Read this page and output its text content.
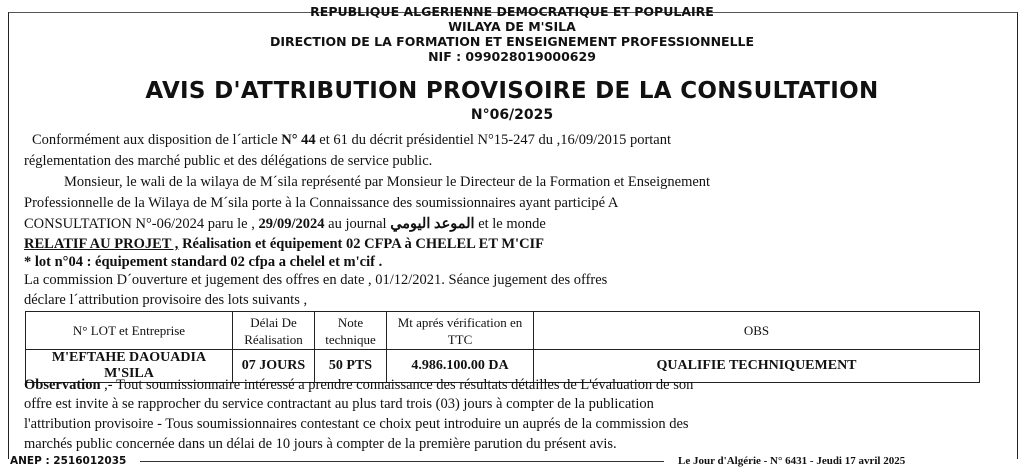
REPUBLIQUE ALGERIENNE DEMOCRATIQUE ET POPULAIRE
WILAYA DE M'SILA
DIRECTION DE LA FORMATION ET ENSEIGNEMENT PROFESSIONNELLE
NIF : 099028019000629
AVIS D'ATTRIBUTION PROVISOIRE DE LA CONSULTATION
N°06/2025
Conformément aux disposition de l´article N° 44 et 61 du décrit présidentiel N°15-247 du ,16/09/2015 portant
réglementation des marché public et des délégations de service public.
Monsieur, le wali de la wilaya de M´sila représenté par Monsieur le Directeur de la Formation et Enseignement
Professionnelle de la Wilaya de M´sila porte à la Connaissance des soumissionnaires ayant participé A
CONSULTATION N°-06/2024 paru le , 29/09/2024 au journal الموعد اليومي et le monde
RELATIF AU PROJET , Réalisation et équipement 02 CFPA à CHELEL ET M'CIF
* lot n°04 : équipement standard 02 cfpa a chelel et m'cif .
La commission D´ouverture et jugement des offres en date , 01/12/2021. Séance jugement des offres
déclare l´attribution provisoire des lots suivants ,
N° LOT et Entreprise	Délai De Réalisation	Note technique	Mt aprés vérification en TTC	OBS
M'EFTAHE DAOUADIA M'SILA	07 JOURS	50 PTS	4.986.100.00 DA	QUALIFIE TECHNIQUEMENT
Observation ,- Tout soumissionnaire intéressé a prendre connaissance des résultats détailles de L'évaluation de son
offre est invite à se rapprocher du service contractant au plus tard trois (03) jours à compter de la publication
l'attribution provisoire - Tous soumissionnaires contestant ce choix peut introduire un auprés de la commission des
marchés public concernée dans un délai de 10 jours à compter de la première parution du présent avis.
ANEP : 2516012035	Le Jour d'Algérie - N° 6431 - Jeudi 17 avril 2025
